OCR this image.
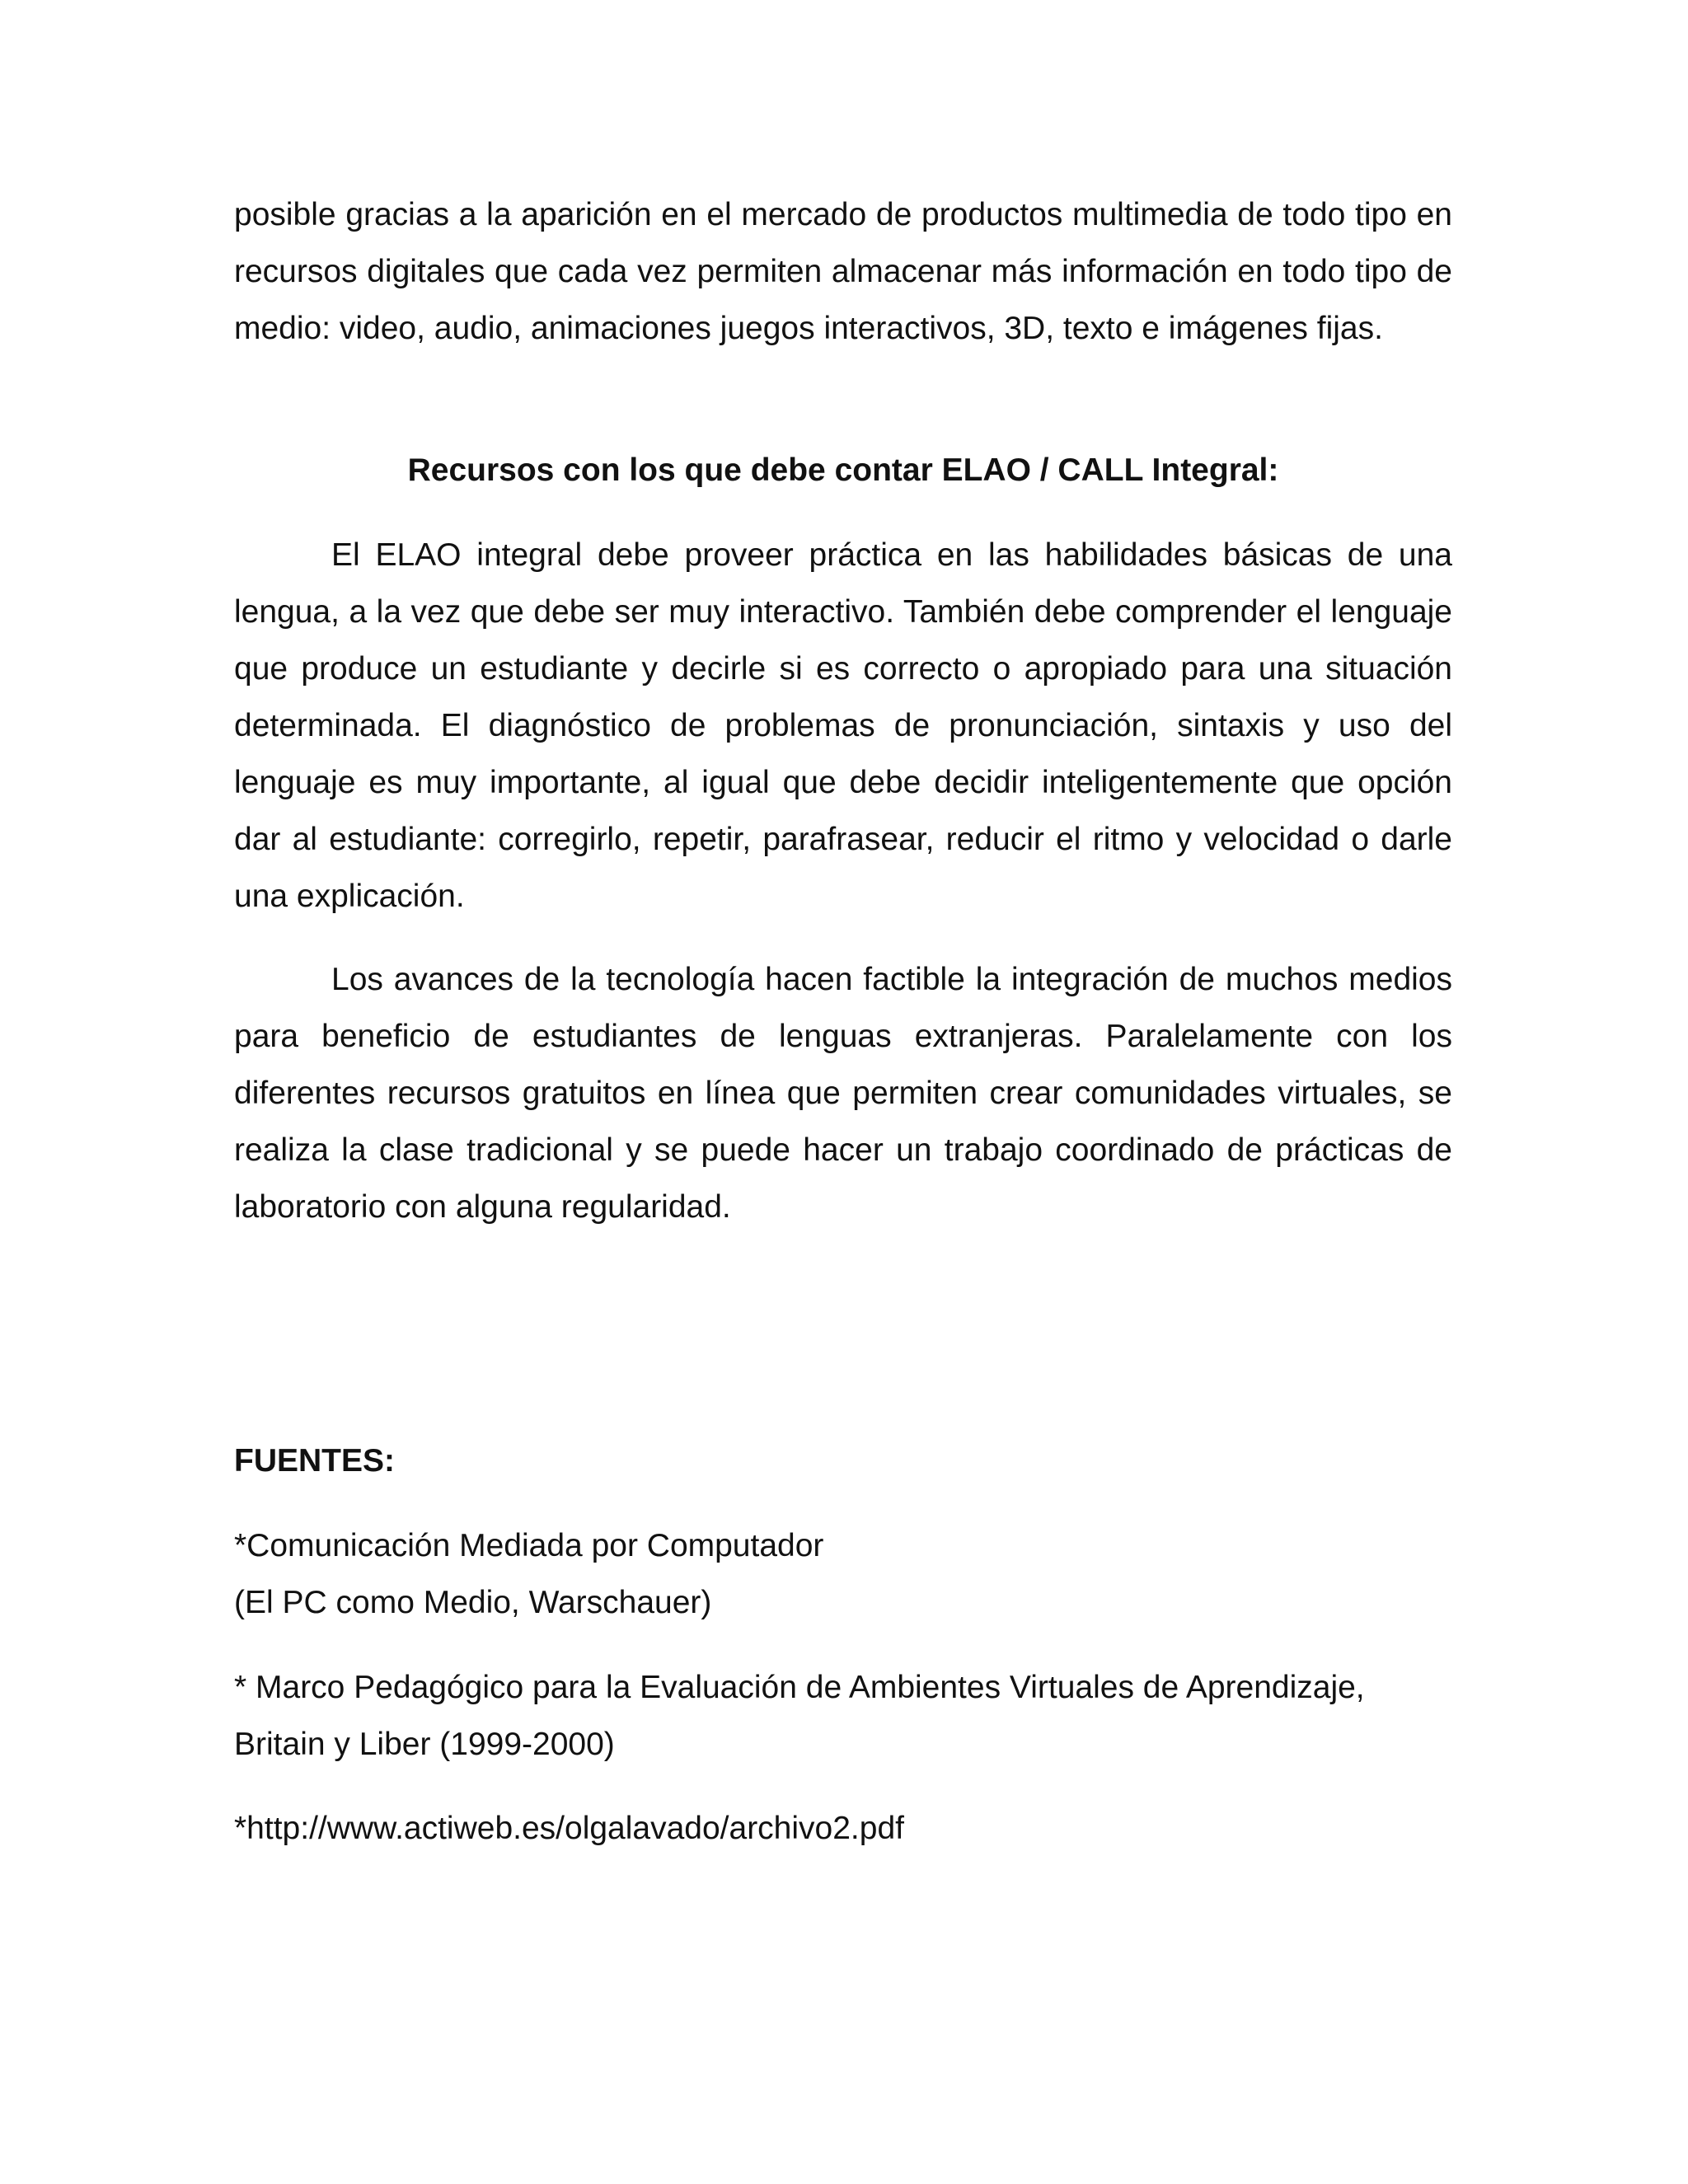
posible gracias a la aparición en el mercado de productos multimedia de todo tipo en recursos digitales que cada vez permiten almacenar más información en todo tipo de medio: video, audio, animaciones juegos interactivos, 3D, texto e imágenes fijas.

Recursos con los que debe contar ELAO / CALL Integral:

El ELAO integral debe proveer práctica en las habilidades básicas de una lengua, a la vez que debe ser muy interactivo. También debe comprender el lenguaje que produce un estudiante y decirle si es correcto o apropiado para una situación determinada. El diagnóstico de problemas de pronunciación, sintaxis y uso del lenguaje es muy importante, al igual que debe decidir inteligentemente que opción dar al estudiante: corregirlo, repetir, parafrasear, reducir el ritmo y velocidad o darle una explicación.

Los avances de la tecnología hacen factible la integración de muchos medios para beneficio de estudiantes de lenguas extranjeras. Paralelamente con los diferentes recursos gratuitos en línea que permiten crear comunidades virtuales, se realiza la clase tradicional y se puede hacer un trabajo coordinado de prácticas de laboratorio con alguna regularidad.

FUENTES:

*Comunicación Mediada por Computador
(El PC como Medio, Warschauer)
* Marco Pedagógico para la Evaluación de Ambientes Virtuales de Aprendizaje,
Britain y Liber (1999-2000)
*http://www.actiweb.es/olgalavado/archivo2.pdf
